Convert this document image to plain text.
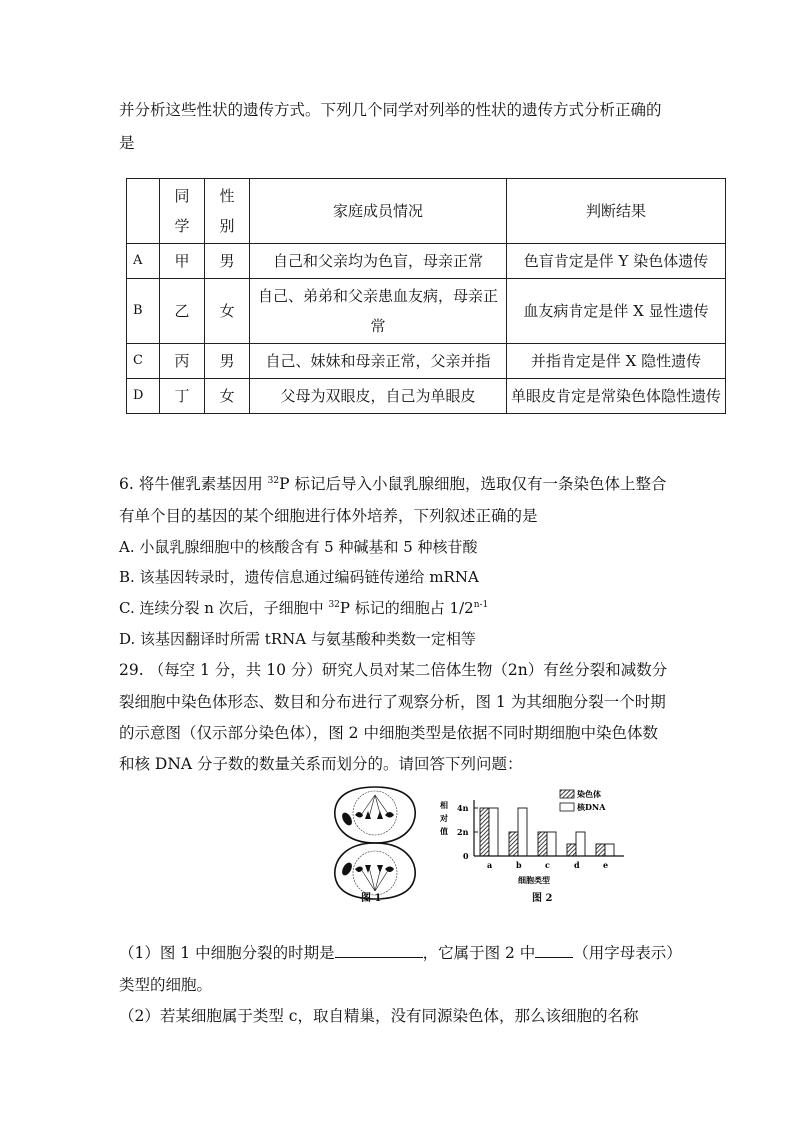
并分析这些性状的遗传方式。下列几个同学对列举的性状的遗传方式分析正确的
是
	同学	性别	家庭成员情况	判断结果
A	甲	男	自己和父亲均为色盲，母亲正常	色盲肯定是伴 Y 染色体遗传
B	乙	女	自己、弟弟和父亲患血友病，母亲正常	血友病肯定是伴 X 显性遗传
C	丙	男	自己、妹妹和母亲正常，父亲并指	并指肯定是伴 X 隐性遗传
D	丁	女	父母为双眼皮，自己为单眼皮	单眼皮肯定是常染色体隐性遗传
6. 将牛催乳素基因用 $^{32}$P 标记后导入小鼠乳腺细胞，选取仅有一条染色体上整合
有单个目的基因的某个细胞进行体外培养，下列叙述正确的是
A. 小鼠乳腺细胞中的核酸含有 5 种碱基和 5 种核苷酸
B. 该基因转录时，遗传信息通过编码链传递给 mRNA
C. 连续分裂 n 次后，子细胞中 $^{32}$P 标记的细胞占 1/2$^{n-1}$
D. 该基因翻译时所需 tRNA 与氨基酸种类数一定相等
29. （每空 1 分，共 10 分）研究人员对某二倍体生物（2n）有丝分裂和减数分
裂细胞中染色体形态、数目和分布进行了观察分析，图 1 为其细胞分裂一个时期
的示意图（仅示部分染色体），图 2 中细胞类型是依据不同时期细胞中染色体数
和核 DNA 分子数的数量关系而划分的。请回答下列问题：
图 1
4n
2n
0
相
对
值
a	b	c	d	e
细胞类型
染色体
核DNA
图 2
（1）图 1 中细胞分裂的时期是	，它属于图 2 中 （用字母表示）
类型的细胞。
（2）若某细胞属于类型 c，取自精巢，没有同源染色体，那么该细胞的名称
